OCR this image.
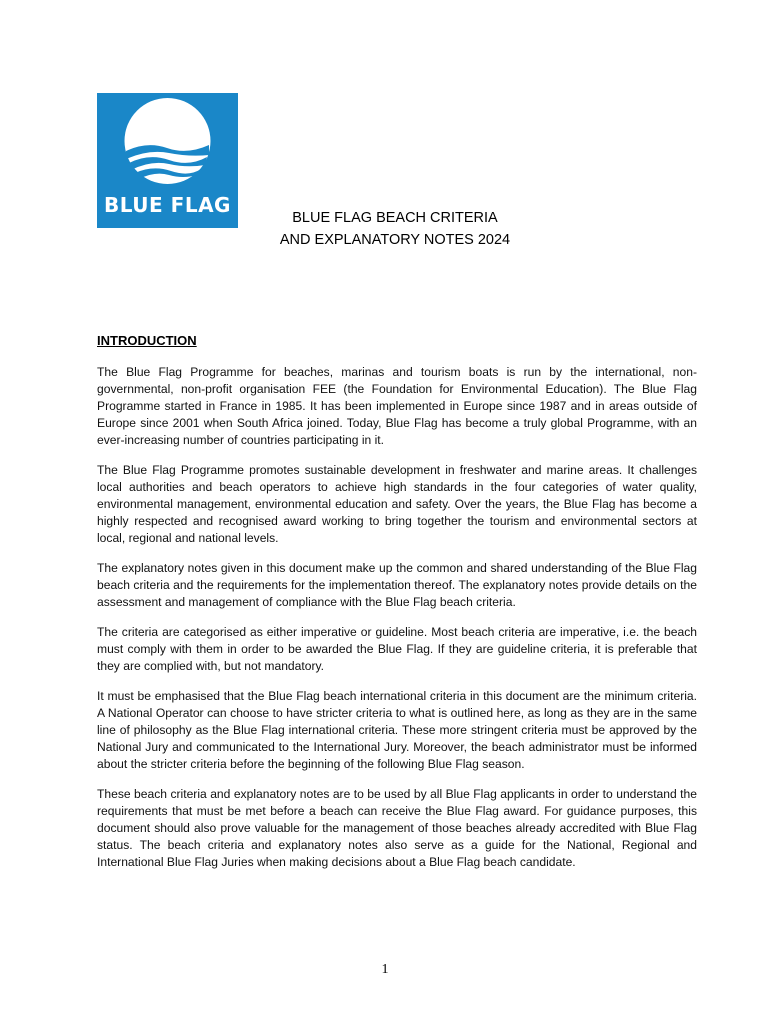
BLUE FLAG
BLUE FLAG BEACH CRITERIA
AND EXPLANATORY NOTES 2024
INTRODUCTION

The Blue Flag Programme for beaches, marinas and tourism boats is run by the international, non-governmental, non-profit organisation FEE (the Foundation for Environmental Education). The Blue Flag Programme started in France in 1985. It has been implemented in Europe since 1987 and in areas outside of Europe since 2001 when South Africa joined. Today, Blue Flag has become a truly global Programme, with an ever-increasing number of countries participating in it.

The Blue Flag Programme promotes sustainable development in freshwater and marine areas. It challenges local authorities and beach operators to achieve high standards in the four categories of water quality, environmental management, environmental education and safety. Over the years, the Blue Flag has become a highly respected and recognised award working to bring together the tourism and environmental sectors at local, regional and national levels.

The explanatory notes given in this document make up the common and shared understanding of the Blue Flag beach criteria and the requirements for the implementation thereof. The explanatory notes provide details on the assessment and management of compliance with the Blue Flag beach criteria.

The criteria are categorised as either imperative or guideline. Most beach criteria are imperative, i.e. the beach must comply with them in order to be awarded the Blue Flag. If they are guideline criteria, it is preferable that they are complied with, but not mandatory.

It must be emphasised that the Blue Flag beach international criteria in this document are the minimum criteria. A National Operator can choose to have stricter criteria to what is outlined here, as long as they are in the same line of philosophy as the Blue Flag international criteria. These more stringent criteria must be approved by the National Jury and communicated to the International Jury. Moreover, the beach administrator must be informed about the stricter criteria before the beginning of the following Blue Flag season.

These beach criteria and explanatory notes are to be used by all Blue Flag applicants in order to understand the requirements that must be met before a beach can receive the Blue Flag award. For guidance purposes, this document should also prove valuable for the management of those beaches already accredited with Blue Flag status. The beach criteria and explanatory notes also serve as a guide for the National, Regional and International Blue Flag Juries when making decisions about a Blue Flag beach candidate.

1
